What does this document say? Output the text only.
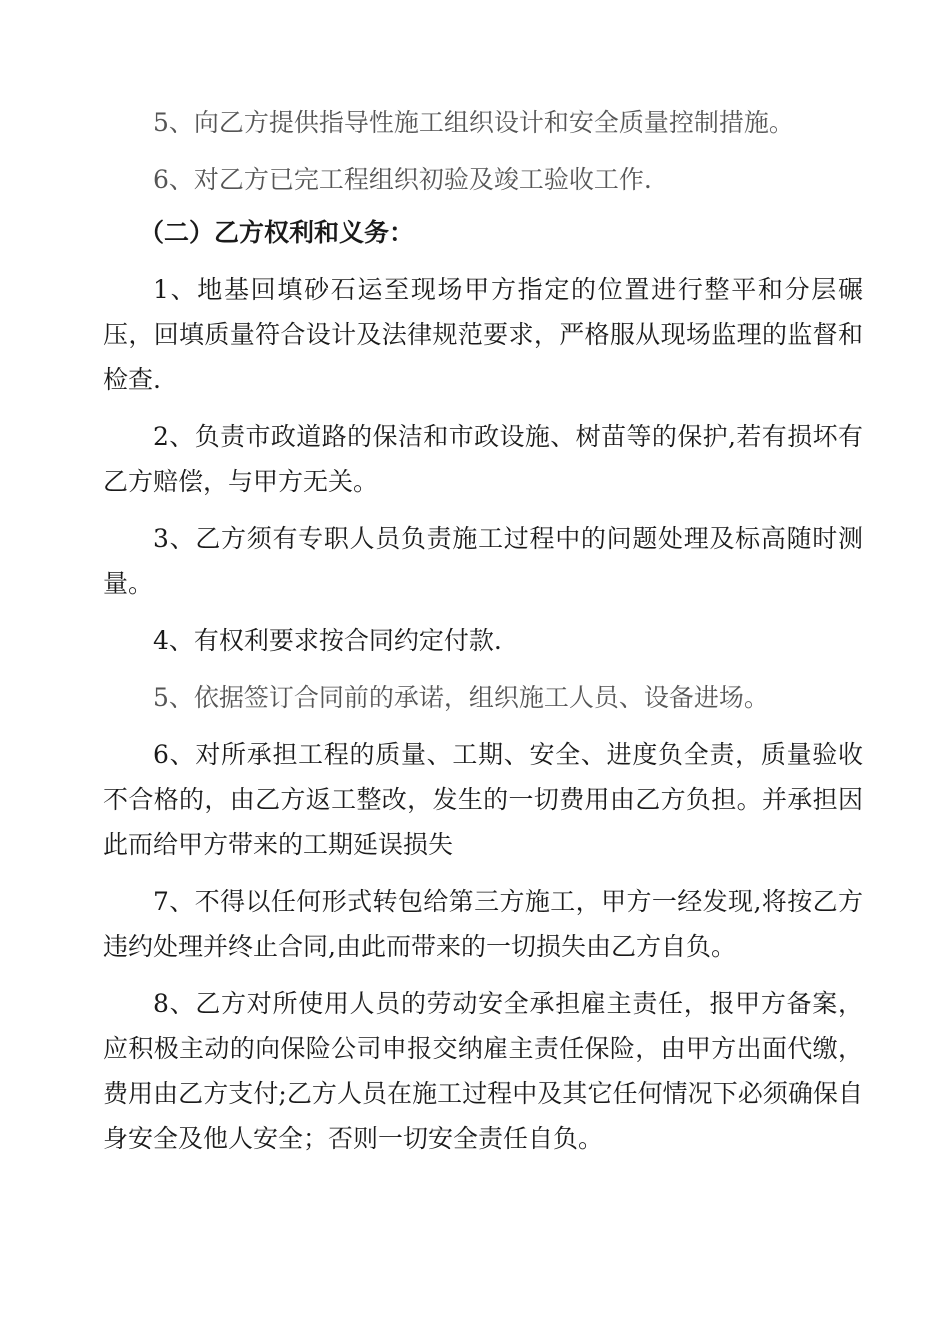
5、向乙方提供指导性施工组织设计和安全质量控制措施。

6、对乙方已完工程组织初验及竣工验收工作.

（二）乙方权利和义务：

1、地基回填砂石运至现场甲方指定的位置进行整平和分层碾压，回填质量符合设计及法律规范要求，严格服从现场监理的监督和检查.

2、负责市政道路的保洁和市政设施、树苗等的保护,若有损坏有乙方赔偿，与甲方无关。

3、乙方须有专职人员负责施工过程中的问题处理及标高随时测量。

4、有权利要求按合同约定付款.

5、依据签订合同前的承诺，组织施工人员、设备进场。

6、对所承担工程的质量、工期、安全、进度负全责，质量验收不合格的，由乙方返工整改，发生的一切费用由乙方负担。并承担因此而给甲方带来的工期延误损失

7、不得以任何形式转包给第三方施工，甲方一经发现,将按乙方违约处理并终止合同,由此而带来的一切损失由乙方自负。

8、乙方对所使用人员的劳动安全承担雇主责任，报甲方备案，应积极主动的向保险公司申报交纳雇主责任保险，由甲方出面代缴，费用由乙方支付;乙方人员在施工过程中及其它任何情况下必须确保自身安全及他人安全；否则一切安全责任自负。
